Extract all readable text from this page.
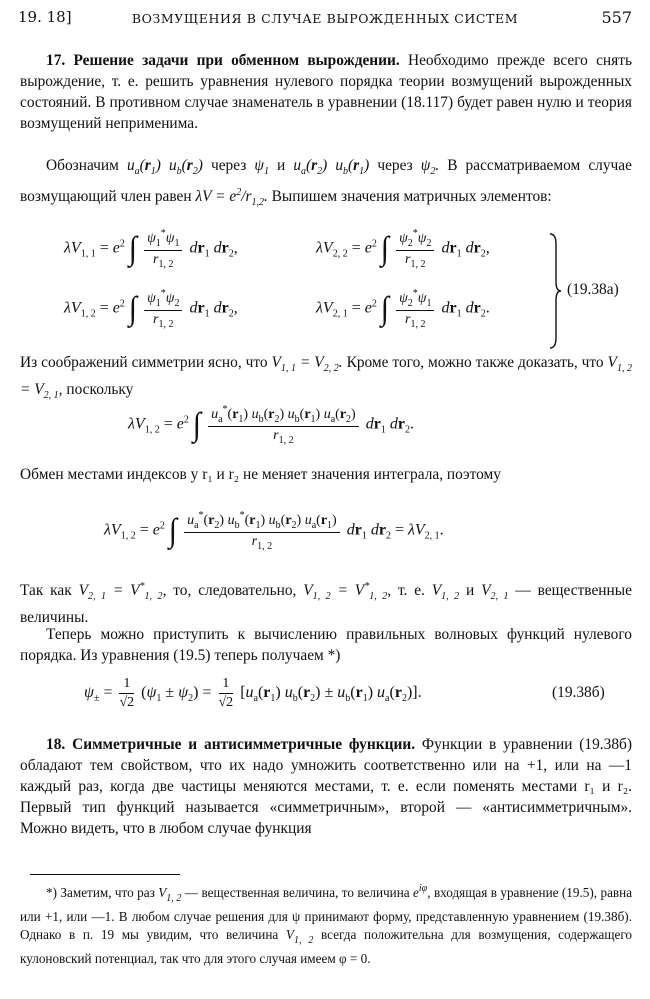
19. 18]	ВОЗМУЩЕНИЯ В СЛУЧАЕ ВЫРОЖДЕННЫХ СИСТЕМ	557
17. Решение задачи при обменном вырождении. Необходимо прежде всего снять вырождение, т. е. решить уравнения нулевого порядка теории возмущений вырожденных состояний. В противном случае знаменатель в уравнении (18.117) будет равен нулю и теория возмущений неприменима.
Обозначим $u_a(r_1)$ $u_b(r_2)$ через $\psi_1$ и $u_a(r_2)$ $u_b(r_1)$ через $\psi_2$. В рассматриваемом случае возмущающий член равен $\lambda V = e^2/r_{1,2}$. Выпишем значения матричных элементов:
$\lambda V_{1, 1} = e^2$ ∫ $\frac{\psi_1^*\psi_1}{r_{1, 2}} dr_1$ $dr_2$,	$\lambda V_{2, 2} = e^2$ ∫ $\frac{\psi_2^*\psi_2}{r_{1, 2}} dr_1$ $dr_2$,
$\lambda V_{1, 2} = e^2$ ∫ $\frac{\psi_1^*\psi_2}{r_{1, 2}} dr_1$ $dr_2$,	$\lambda V_{2, 1} = e^2$ ∫ $\frac{\psi_2^*\psi_1}{r_{1, 2}} dr_1$ $dr_2$.
(19.38а)
Из соображений симметрии ясно, что $V_{1, 1} = V_{2, 2}$. Кроме того, можно также доказать, что $V_{1, 2} = V_{2, 1}$, поскольку
$\lambda V_{1, 2} = e^2$ ∫ $\frac{u_a^*(r_1) u_b(r_2) u_b(r_1) u_a(r_2)}{r_{1, 2}} dr_1$ $dr_2$.
Обмен местами индексов у r₁ и r₂ не меняет значения интеграла, поэтому
$\lambda V_{1, 2} = e^2$ ∫ $\frac{u_a^*(r_2) u_b^*(r_1) u_b(r_2) u_a(r_1)}{r_{1, 2}} dr_1$ $dr_2 = \lambda V_{2, 1}$.
Так как $V_{2, 1} = V^*_{1, 2}$, то, следовательно, $V_{1, 2} = V^*_{1, 2}$, т. е. $V_{1, 2}$ и $V_{2, 1}$ — вещественные величины.
Теперь можно приступить к вычислению правильных волновых функций нулевого порядка. Из уравнения (19.5) теперь получаем *)
$\psi_\pm = \frac{1}{√2} (\psi_1 \pm \psi_2) = \frac{1}{√2} [u_a(r_1) u_b(r_2) \pm u_b(r_1)$ $u_a(r_2)$].	(19.38б)
18. Симметричные и антисимметричные функции. Функции в уравнении (19.38б) обладают тем свойством, что их надо умножить соответственно или на +1, или на —1 каждый раз, когда две частицы меняются местами, т. е. если поменять местами r₁ и r₂. Первый тип функций называется «симметричным», второй — «антисимметричным». Можно видеть, что в любом случае функция
*) Заметим, что раз $V_{1, 2}$ — вещественная величина, то величина $e^{i\varphi}$, входящая в уравнение (19.5), равна или +1, или —1. В любом случае решения для ψ принимают форму, представленную уравнением (19.38б). Однако в п. 19 мы увидим, что величина $V_{1, 2}$ всегда положительна для возмущения, содержащего кулоновский потенциал, так что для этого случая имеем φ = 0.
